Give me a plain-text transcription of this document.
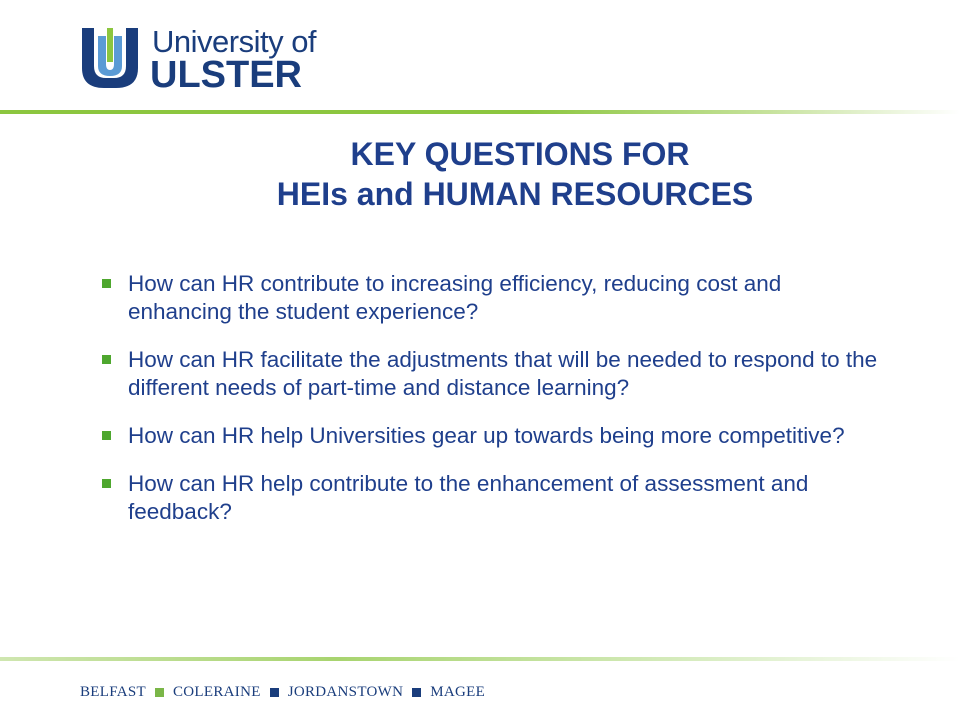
University of
ULSTER
KEY QUESTIONS FOR
HEIs and HUMAN RESOURCES
How can HR contribute to increasing efficiency, reducing cost and enhancing the student experience?
How can HR facilitate the adjustments that will be needed to respond to the different needs of part-time and distance learning?
How can HR help Universities gear up towards being more competitive?
How can HR help contribute to the enhancement of assessment and feedback?
BELFAST COLERAINE JORDANSTOWN MAGEE
